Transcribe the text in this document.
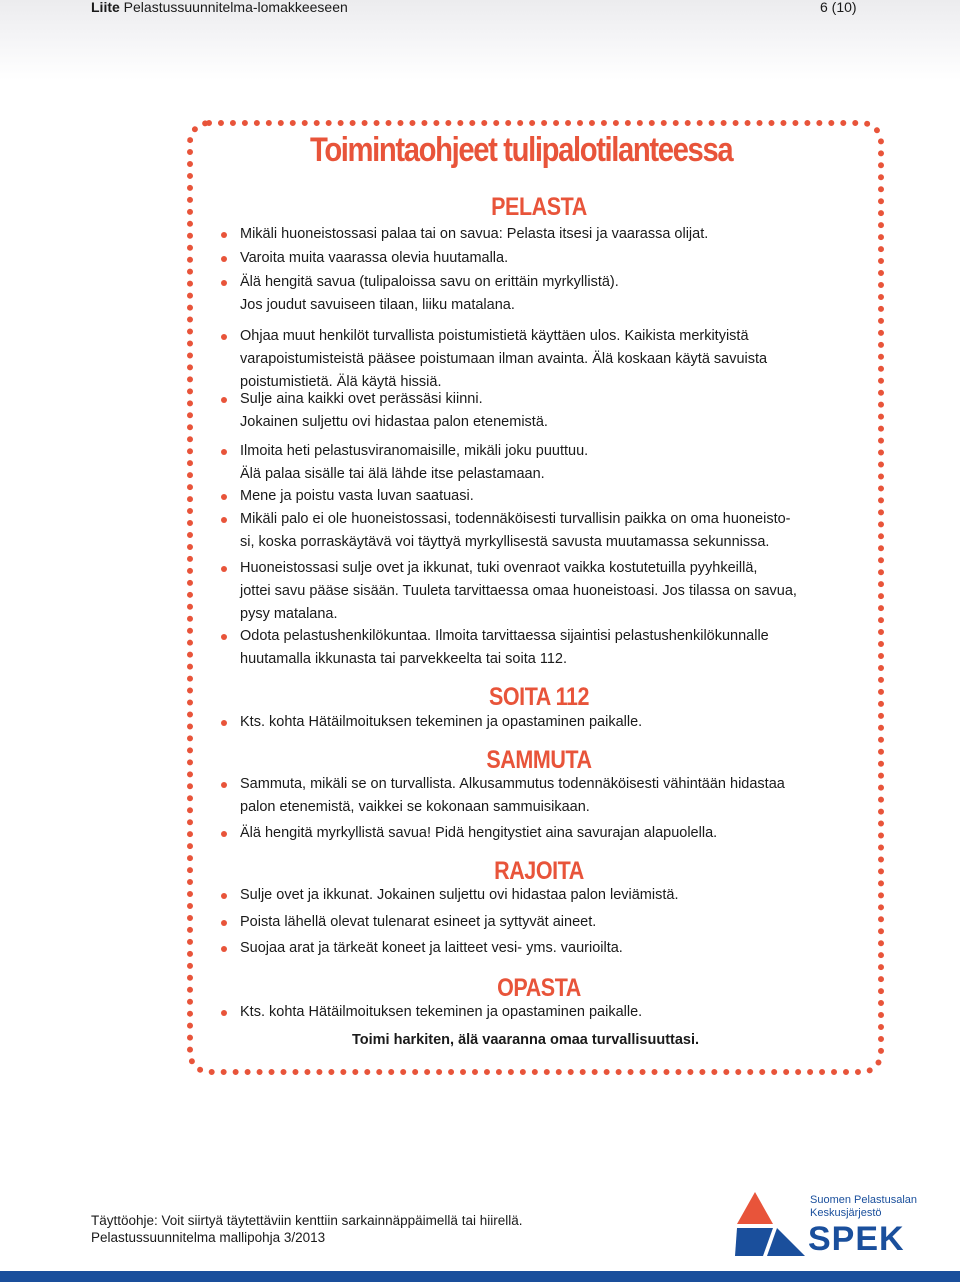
Liite Pelastussuunnitelma-lomakkeeseen	6 (10)
Toimintaohjeet tulipalotilanteessa
PELASTA
Mikäli huoneistossasi palaa tai on savua: Pelasta itsesi ja vaarassa olijat.
Varoita muita vaarassa olevia huutamalla.
Älä hengitä savua (tulipaloissa savu on erittäin myrkyllistä).
Jos joudut savuiseen tilaan, liiku matalana.
Ohjaa muut henkilöt turvallista poistumistietä käyttäen ulos. Kaikista merkityistä
varapoistumisteistä pääsee poistumaan ilman avainta. Älä koskaan käytä savuista
poistumistietä. Älä käytä hissiä.
Sulje aina kaikki ovet perässäsi kiinni.
Jokainen suljettu ovi hidastaa palon etenemistä.
Ilmoita heti pelastusviranomaisille, mikäli joku puuttuu.
Älä palaa sisälle tai älä lähde itse pelastamaan.
Mene ja poistu vasta luvan saatuasi.
Mikäli palo ei ole huoneistossasi, todennäköisesti turvallisin paikka on oma huoneisto-
si, koska porraskäytävä voi täyttyä myrkyllisestä savusta muutamassa sekunnissa.
Huoneistossasi sulje ovet ja ikkunat, tuki ovenraot vaikka kostutetuilla pyyhkeillä,
jottei savu pääse sisään. Tuuleta tarvittaessa omaa huoneistoasi. Jos tilassa on savua,
pysy matalana.
Odota pelastushenkilökuntaa. Ilmoita tarvittaessa sijaintisi pelastushenkilökunnalle
huutamalla ikkunasta tai parvekkeelta tai soita 112.
SOITA 112
Kts. kohta Hätäilmoituksen tekeminen ja opastaminen paikalle.
SAMMUTA
Sammuta, mikäli se on turvallista. Alkusammutus todennäköisesti vähintään hidastaa
palon etenemistä, vaikkei se kokonaan sammuisikaan.
Älä hengitä myrkyllistä savua! Pidä hengitystiet aina savurajan alapuolella.
RAJOITA
Sulje ovet ja ikkunat. Jokainen suljettu ovi hidastaa palon leviämistä.
Poista lähellä olevat tulenarat esineet ja syttyvät aineet.
Suojaa arat ja tärkeät koneet ja laitteet vesi- yms. vaurioilta.
OPASTA
Kts. kohta Hätäilmoituksen tekeminen ja opastaminen paikalle.
Toimi harkiten, älä vaaranna omaa turvallisuuttasi.
Täyttöohje: Voit siirtyä täytettäviin kenttiin sarkainnäppäimellä tai hiirellä.
Pelastussuunnitelma mallipohja 3/2013
Suomen Pelastusalan
Keskusjärjestö
SPEK
